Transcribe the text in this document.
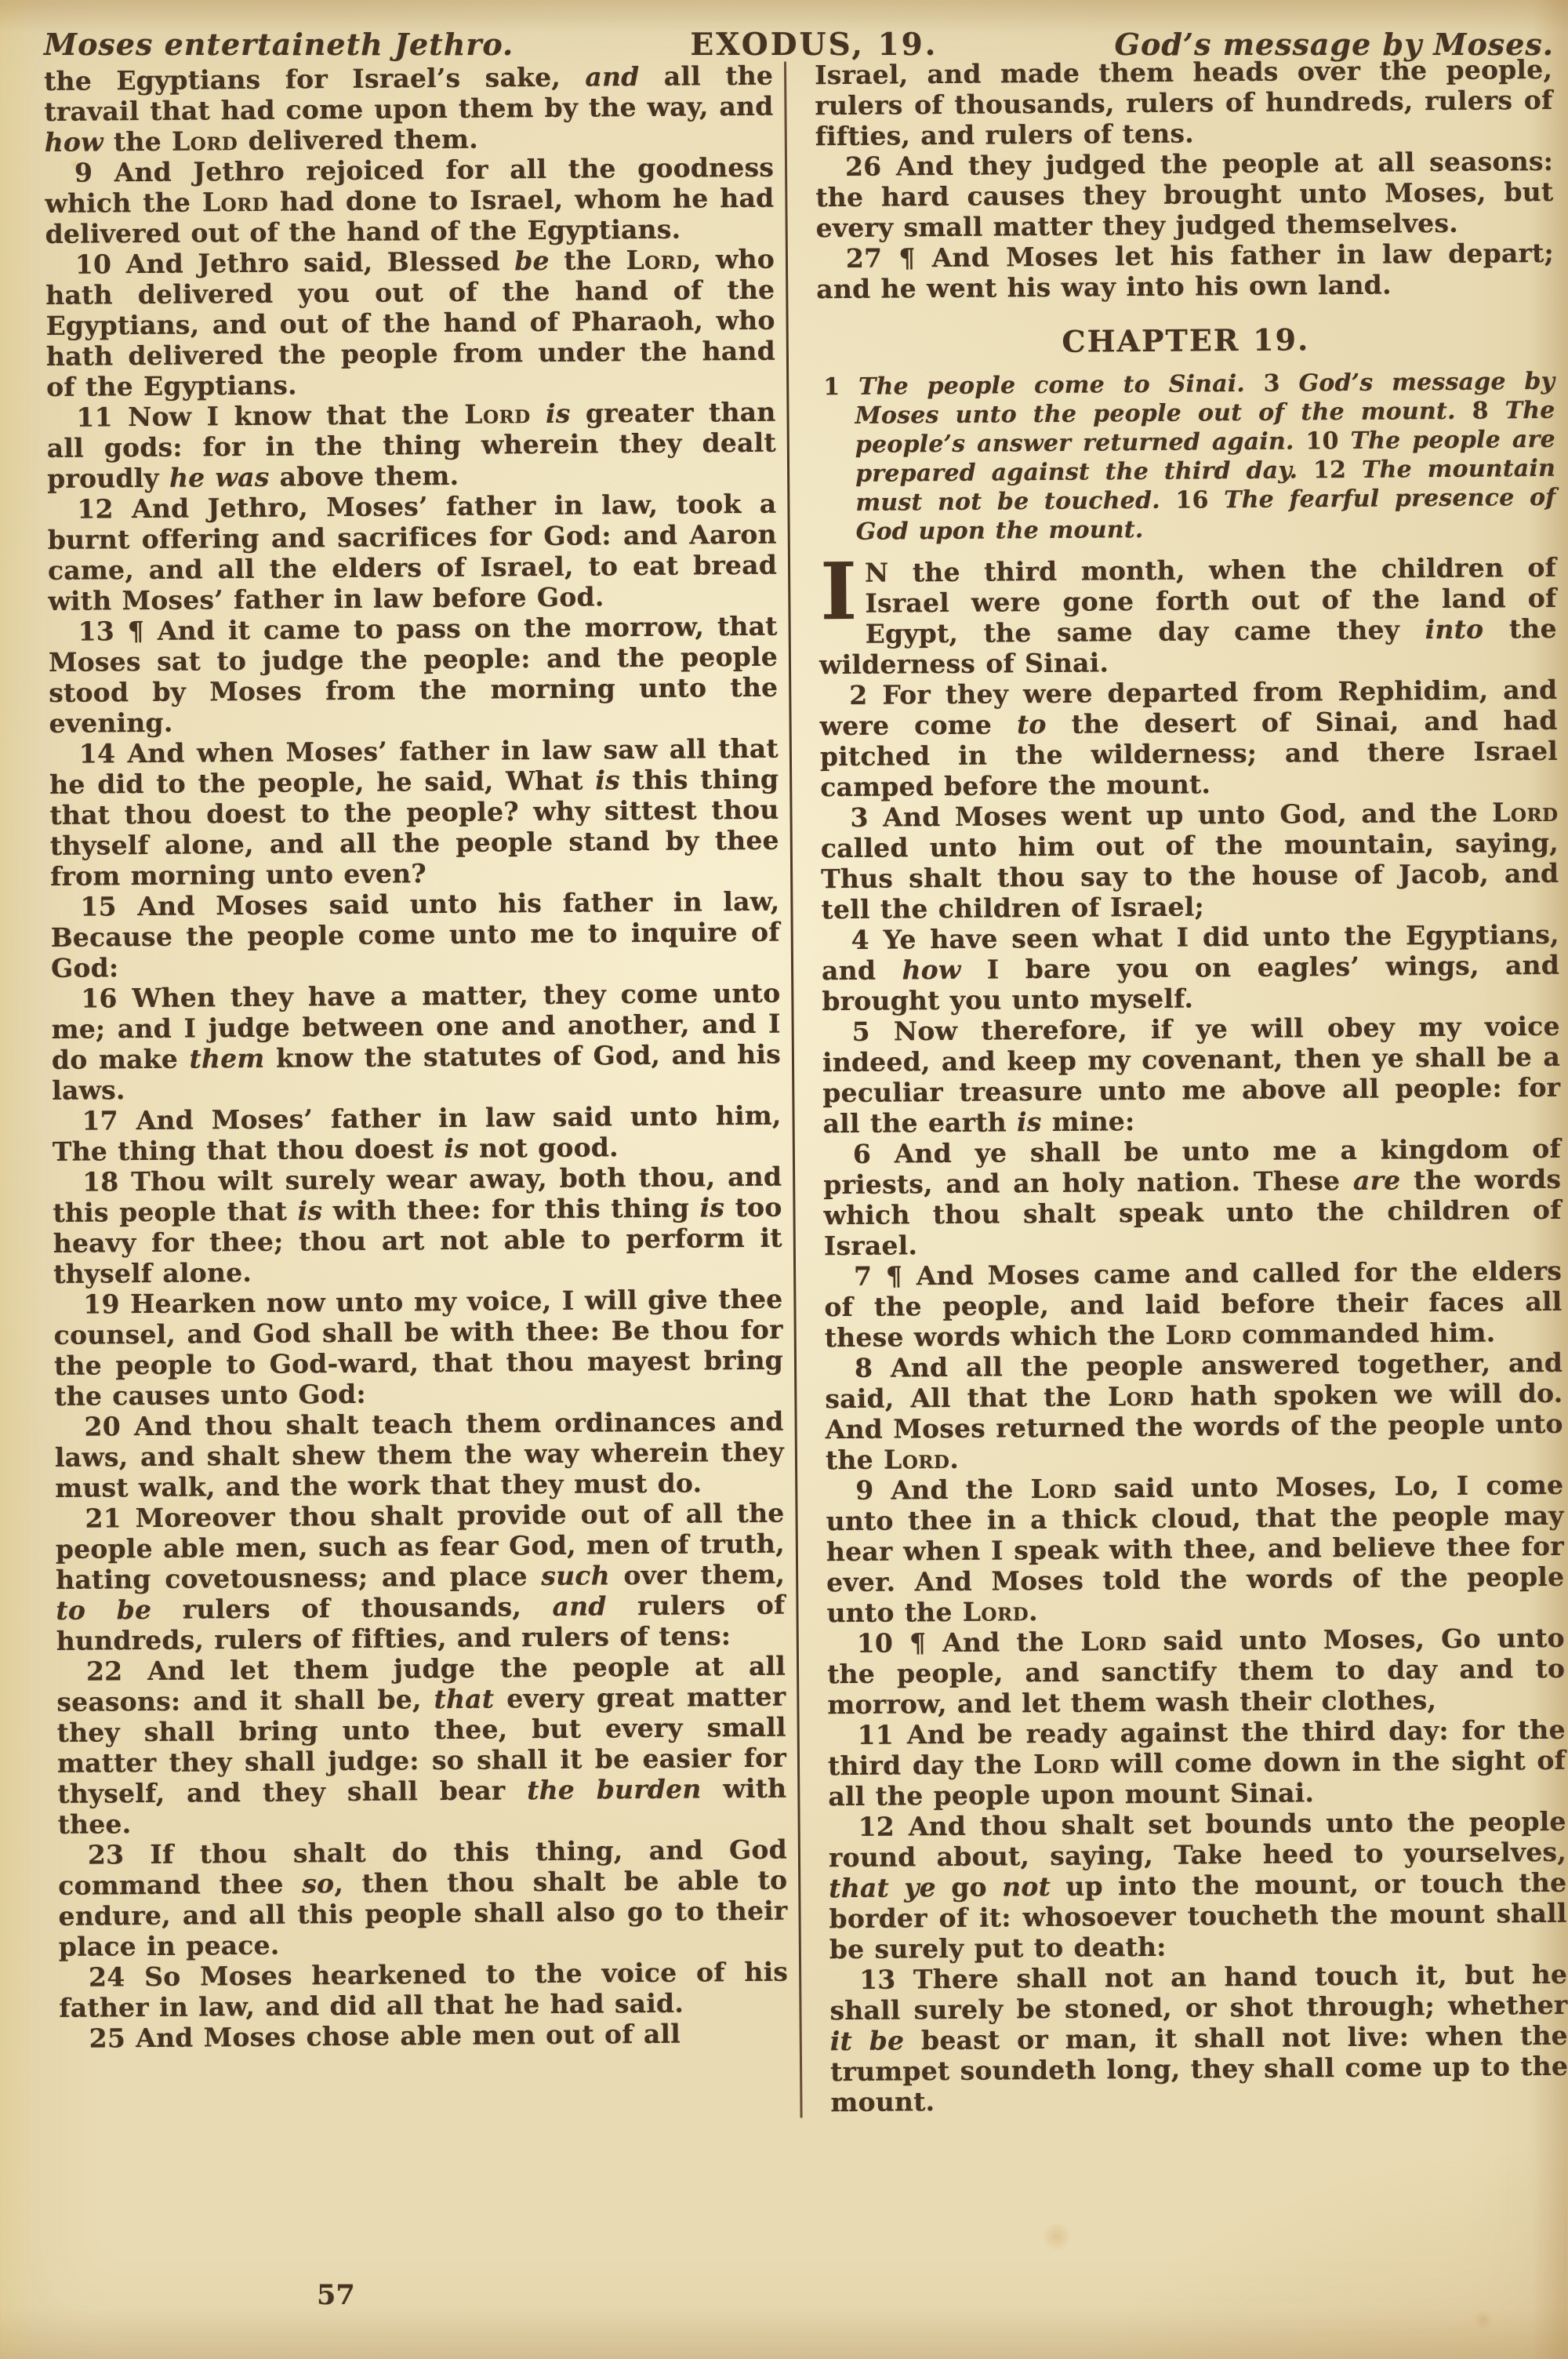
Moses entertaineth Jethro.	EXODUS, 19.	God’s message by Moses.

the Egyptians for Israel’s sake, and all the travail that had come upon them by the way, and how the Lord delivered them.

9 And Jethro rejoiced for all the goodness which the Lord had done to Israel, whom he had delivered out of the hand of the Egyptians.

10 And Jethro said, Blessed be the Lord, who hath delivered you out of the hand of the Egyptians, and out of the hand of Pharaoh, who hath delivered the people from under the hand of the Egyptians.

11 Now I know that the Lord is greater than all gods: for in the thing wherein they dealt proudly he was above them.

12 And Jethro, Moses’ father in law, took a burnt offering and sacrifices for God: and Aaron came, and all the elders of Israel, to eat bread with Moses’ father in law before God.

13 ¶ And it came to pass on the morrow, that Moses sat to judge the people: and the people stood by Moses from the morning unto the evening.

14 And when Moses’ father in law saw all that he did to the people, he said, What is this thing that thou doest to the people? why sittest thou thyself alone, and all the people stand by thee from morning unto even?

15 And Moses said unto his father in law, Because the people come unto me to inquire of God:

16 When they have a matter, they come unto me; and I judge between one and another, and I do make them know the statutes of God, and his laws.

17 And Moses’ father in law said unto him, The thing that thou doest is not good.

18 Thou wilt surely wear away, both thou, and this people that is with thee: for this thing is too heavy for thee; thou art not able to perform it thyself alone.

19 Hearken now unto my voice, I will give thee counsel, and God shall be with thee: Be thou for the people to God-ward, that thou mayest bring the causes unto God:

20 And thou shalt teach them ordinances and laws, and shalt shew them the way wherein they must walk, and the work that they must do.

21 Moreover thou shalt provide out of all the people able men, such as fear God, men of truth, hating covetousness; and place such over them, to be rulers of thousands, and rulers of hundreds, rulers of fifties, and rulers of tens:

22 And let them judge the people at all seasons: and it shall be, that every great matter they shall bring unto thee, but every small matter they shall judge: so shall it be easier for thyself, and they shall bear the burden with thee.

23 If thou shalt do this thing, and God command thee so, then thou shalt be able to endure, and all this people shall also go to their place in peace.

24 So Moses hearkened to the voice of his father in law, and did all that he had said.

25 And Moses chose able men out of all

Israel, and made them heads over the people, rulers of thousands, rulers of hundreds, rulers of fifties, and rulers of tens.

26 And they judged the people at all seasons: the hard causes they brought unto Moses, but every small matter they judged themselves.

27 ¶ And Moses let his father in law depart; and he went his way into his own land.

CHAPTER 19.

1 The people come to Sinai. 3 God’s message by Moses unto the people out of the mount. 8 The people’s answer returned again. 10 The people are prepared against the third day. 12 The mountain must not be touched. 16 The fearful presence of God upon the mount.

I N the third month, when the children of Israel were gone forth out of the land of Egypt, the same day came they into the wilderness of Sinai.

2 For they were departed from Rephidim, and were come to the desert of Sinai, and had pitched in the wilderness; and there Israel camped before the mount.

3 And Moses went up unto God, and the Lord called unto him out of the mountain, saying, Thus shalt thou say to the house of Jacob, and tell the children of Israel;

4 Ye have seen what I did unto the Egyptians, and how I bare you on eagles’ wings, and brought you unto myself.

5 Now therefore, if ye will obey my voice indeed, and keep my covenant, then ye shall be a peculiar treasure unto me above all people: for all the earth is mine:

6 And ye shall be unto me a kingdom of priests, and an holy nation. These are the words which thou shalt speak unto the children of Israel.

7 ¶ And Moses came and called for the elders of the people, and laid before their faces all these words which the Lord commanded him.

8 And all the people answered together, and said, All that the Lord hath spoken we will do. And Moses returned the words of the people unto the Lord.

9 And the Lord said unto Moses, Lo, I come unto thee in a thick cloud, that the people may hear when I speak with thee, and believe thee for ever. And Moses told the words of the people unto the Lord.

10 ¶ And the Lord said unto Moses, Go unto the people, and sanctify them to day and to morrow, and let them wash their clothes,

11 And be ready against the third day: for the third day the Lord will come down in the sight of all the people upon mount Sinai.

12 And thou shalt set bounds unto the people round about, saying, Take heed to yourselves, that ye go not up into the mount, or touch the border of it: whosoever toucheth the mount shall be surely put to death:

13 There shall not an hand touch it, but he shall surely be stoned, or shot through; whether it be beast or man, it shall not live: when the trumpet soundeth long, they shall come up to the mount.

57
